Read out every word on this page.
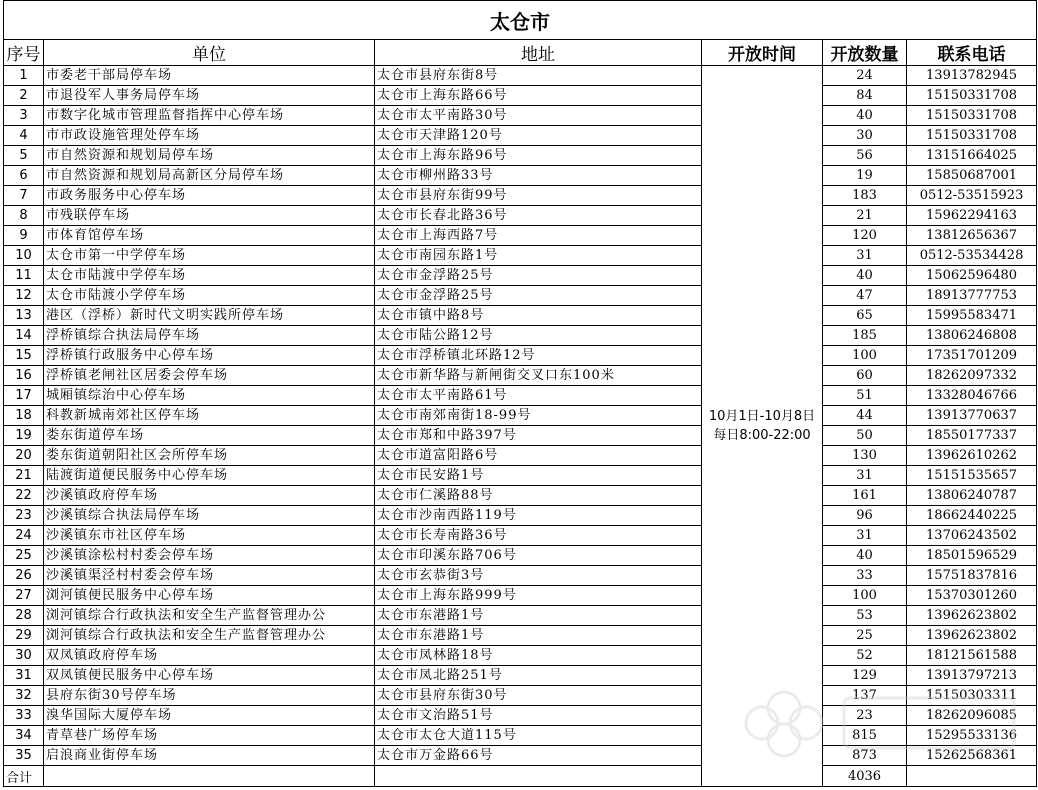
太仓市					
序号	单位	地址	开放时间	开放数量	联系电话
1	市委老干部局停车场	太仓市县府东街8号	10月1日-10月8日
每日8:00-22:00	24	13913782945
2	市退役军人事务局停车场	太仓市上海东路66号		84	15150331708
3	市数字化城市管理监督指挥中心停车场	太仓市太平南路30号		40	15150331708
4	市市政设施管理处停车场	太仓市天津路120号		30	15150331708
5	市自然资源和规划局停车场	太仓市上海东路96号		56	13151664025
6	市自然资源和规划局高新区分局停车场	太仓市柳州路33号		19	15850687001
7	市政务服务中心停车场	太仓市县府东街99号		183	0512-53515923
8	市残联停车场	太仓市长春北路36号		21	15962294163
9	市体育馆停车场	太仓市上海西路7号		120	13812656367
10	太仓市第一中学停车场	太仓市南园东路1号		31	0512-53534428
11	太仓市陆渡中学停车场	太仓市金浮路25号		40	15062596480
12	太仓市陆渡小学停车场	太仓市金浮路25号		47	18913777753
13	港区（浮桥）新时代文明实践所停车场	太仓市镇中路8号		65	15995583471
14	浮桥镇综合执法局停车场	太仓市陆公路12号		185	13806246808
15	浮桥镇行政服务中心停车场	太仓市浮桥镇北环路12号		100	17351701209
16	浮桥镇老闸社区居委会停车场	太仓市新华路与新闸街交叉口东100米		60	18262097332
17	城厢镇综治中心停车场	太仓市太平南路61号		51	13328046766
18	科教新城南郊社区停车场	太仓市南郊南街18-99号		44	13913770637
19	娄东街道停车场	太仓市郑和中路397号		50	18550177337
20	娄东街道朝阳社区会所停车场	太仓市道富阳路6号		130	13962610262
21	陆渡街道便民服务中心停车场	太仓市民安路1号		31	15151535657
22	沙溪镇政府停车场	太仓市仁溪路88号		161	13806240787
23	沙溪镇综合执法局停车场	太仓市沙南西路119号		96	18662440225
24	沙溪镇东市社区停车场	太仓市长寿南路36号		31	13706243502
25	沙溪镇涂松村村委会停车场	太仓市印溪东路706号		40	18501596529
26	沙溪镇渠泾村村委会停车场	太仓市玄恭街3号		33	15751837816
27	浏河镇便民服务中心停车场	太仓市上海东路999号		100	15370301260
28	浏河镇综合行政执法和安全生产监督管理办公	太仓市东港路1号		53	13962623802
29	浏河镇综合行政执法和安全生产监督管理办公	太仓市东港路1号		25	13962623802
30	双凤镇政府停车场	太仓市凤林路18号		52	18121561588
31	双凤镇便民服务中心停车场	太仓市凤北路251号		129	13913797213
32	县府东街30号停车场	太仓市县府东街30号		137	15150303311
33	溴华国际大厦停车场	太仓市文治路51号		23	18262096085
34	青草巷广场停车场	太仓市太仓大道115号		815	15295533136
35	启浪商业街停车场	太仓市万金路66号		873	15262568361
合计				4036	
